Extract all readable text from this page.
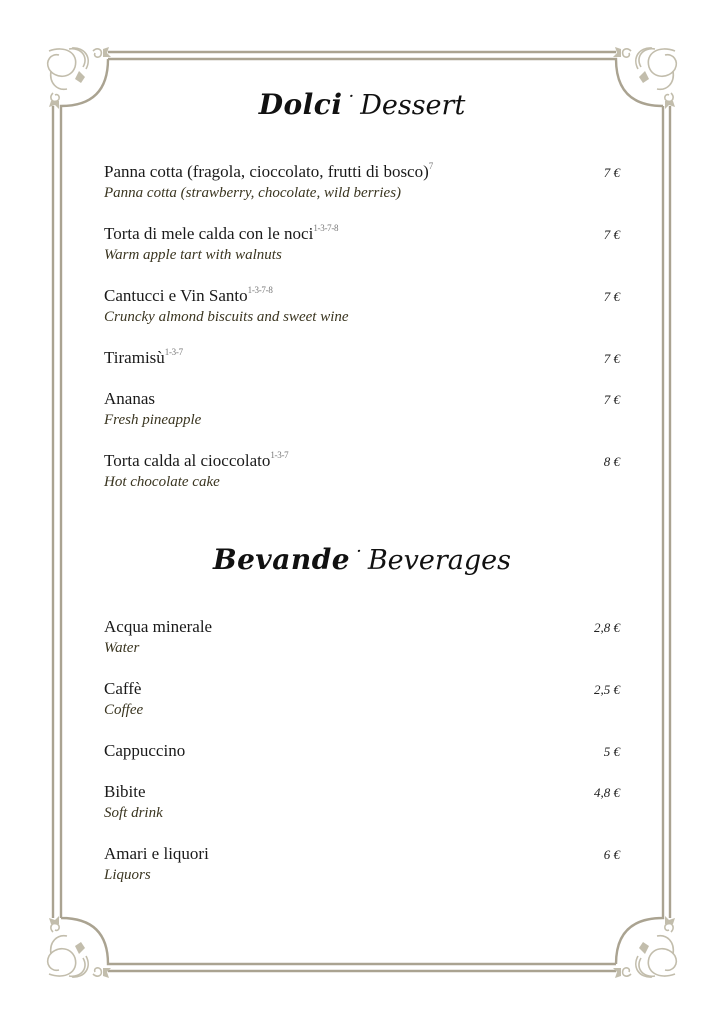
Dolci · Dessert
Panna cotta (fragola, cioccolato, frutti di bosco)$^7$
Panna cotta (strawberry, chocolate, wild berries)
7 €
Torta di mele calda con le noci$^{1-3-7-8}$
Warm apple tart with walnuts
7 €
Cantucci e Vin Santo$^{1-3-7-8}$
Cruncky almond biscuits and sweet wine
7 €
Tiramisù$^{1-3-7}$	7 €
Ananas
Fresh pineapple
7 €
Torta calda al cioccolato$^{1-3-7}$
Hot chocolate cake
8 €
Bevande · Beverages
Acqua minerale
Water
2,8 €
Caffè
Coffee
2,5 €
Cappuccino	5 €
Bibite
Soft drink
4,8 €
Amari e liquori
Liquors
6 €
